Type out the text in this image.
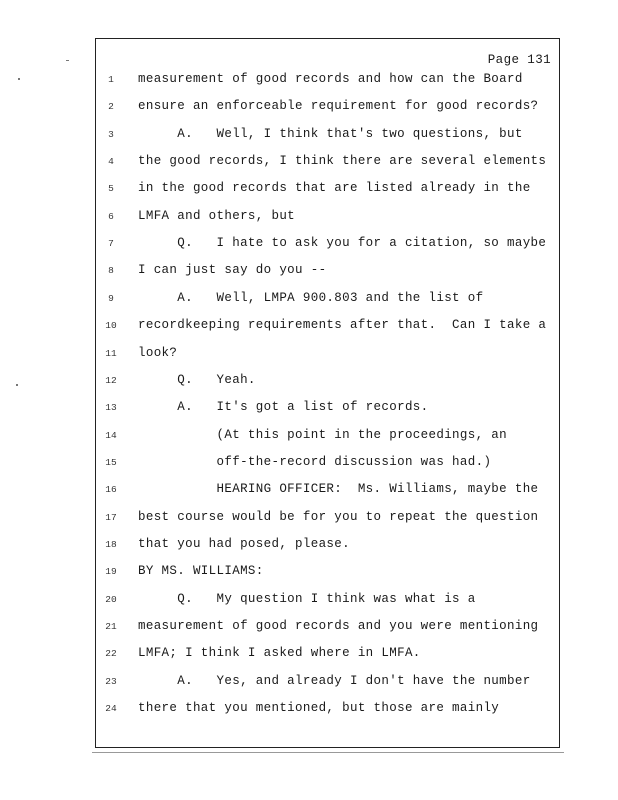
Page 131
1	measurement of good records and how can the Board
2	ensure an enforceable requirement for good records?
3	A.   Well, I think that's two questions, but
4	the good records, I think there are several elements
5	in the good records that are listed already in the
6	LMFA and others, but
7	Q.   I hate to ask you for a citation, so maybe
8	I can just say do you --
9	A.   Well, LMPA 900.803 and the list of
10	recordkeeping requirements after that.  Can I take a
11	look?
12	Q.   Yeah.
13	A.   It's got a list of records.
14	(At this point in the proceedings, an
15	off-the-record discussion was had.)
16	HEARING OFFICER:  Ms. Williams, maybe the
17	best course would be for you to repeat the question
18	that you had posed, please.
19	BY MS. WILLIAMS:
20	Q.   My question I think was what is a
21	measurement of good records and you were mentioning
22	LMFA; I think I asked where in LMFA.
23	A.   Yes, and already I don't have the number
24	there that you mentioned, but those are mainly
